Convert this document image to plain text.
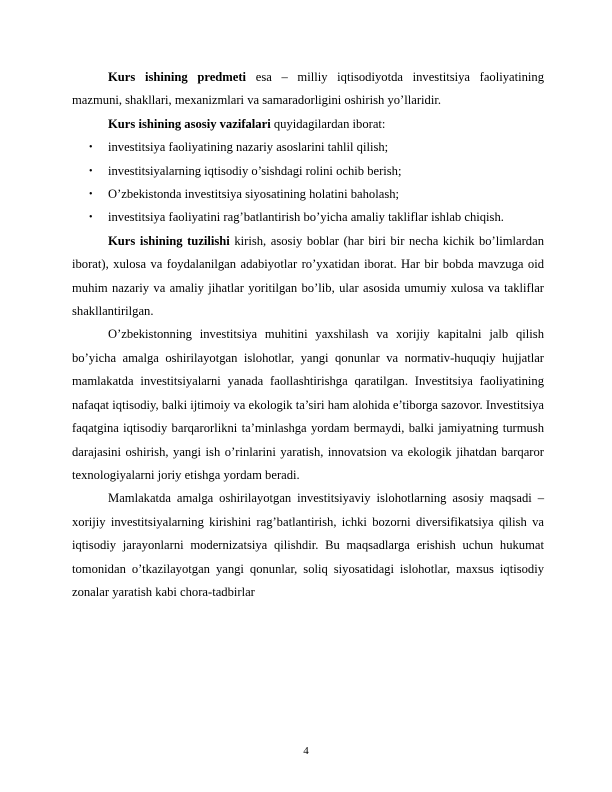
Kurs ishining predmeti esa – milliy iqtisodiyotda investitsiya faoliyatining mazmuni, shakllari, mexanizmlari va samaradorligini oshirish yo’llaridir.

Kurs ishining asosiy vazifalari quyidagilardan iborat:

• investitsiya faoliyatining nazariy asoslarini tahlil qilish;
• investitsiyalarning iqtisodiy o’sishdagi rolini ochib berish;
• O’zbekistonda investitsiya siyosatining holatini baholash;
• investitsiya faoliyatini rag’batlantirish bo’yicha amaliy takliflar ishlab chiqish.

Kurs ishining tuzilishi kirish, asosiy boblar (har biri bir necha kichik bo’limlardan iborat), xulosa va foydalanilgan adabiyotlar ro’yxatidan iborat. Har bir bobda mavzuga oid muhim nazariy va amaliy jihatlar yoritilgan bo’lib, ular asosida umumiy xulosa va takliflar shakllantirilgan.

O’zbekistonning investitsiya muhitini yaxshilash va xorijiy kapitalni jalb qilish bo’yicha amalga oshirilayotgan islohotlar, yangi qonunlar va normativ-huquqiy hujjatlar mamlakatda investitsiyalarni yanada faollashtirishga qaratilgan. Investitsiya faoliyatining nafaqat iqtisodiy, balki ijtimoiy va ekologik ta’siri ham alohida e’tiborga sazovor. Investitsiya faqatgina iqtisodiy barqarorlikni ta’minlashga yordam bermaydi, balki jamiyatning turmush darajasini oshirish, yangi ish o’rinlarini yaratish, innovatsion va ekologik jihatdan barqaror texnologiyalarni joriy etishga yordam beradi.

Mamlakatda amalga oshirilayotgan investitsiyaviy islohotlarning asosiy maqsadi – xorijiy investitsiyalarning kirishini rag’batlantirish, ichki bozorni diversifikatsiya qilish va iqtisodiy jarayonlarni modernizatsiya qilishdir. Bu maqsadlarga erishish uchun hukumat tomonidan o’tkazilayotgan yangi qonunlar, soliq siyosatidagi islohotlar, maxsus iqtisodiy zonalar yaratish kabi chora-tadbirlar

4
